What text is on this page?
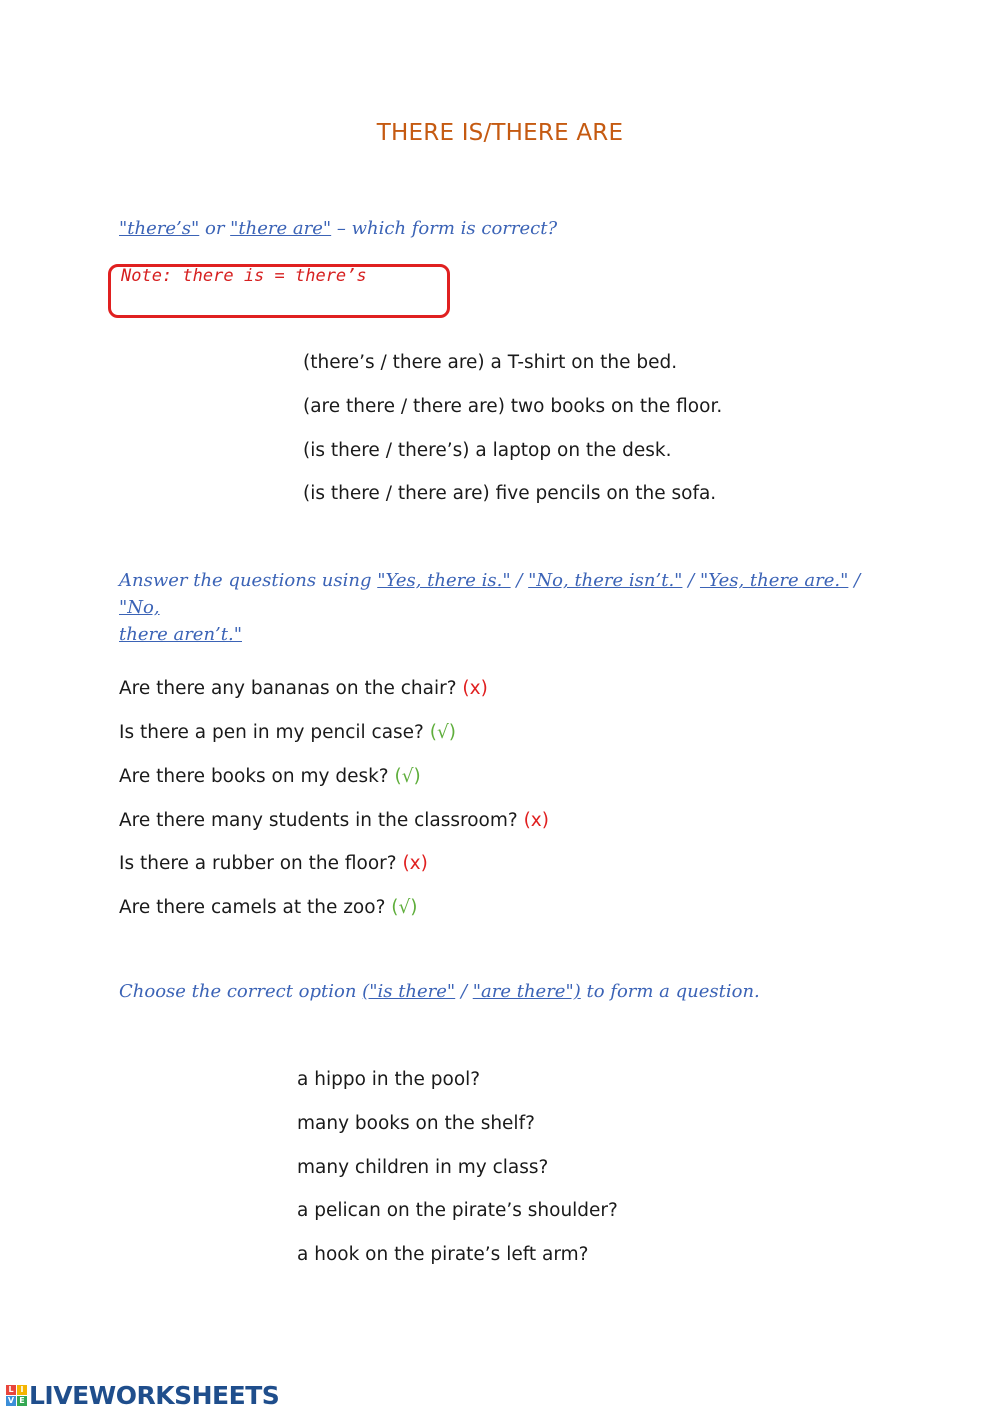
THERE IS/THERE ARE
"there’s" or "there are" – which form is correct?
Note: there is = there’s
(there’s / there are) a T-shirt on the bed.
(are there / there are) two books on the floor.
(is there / there’s) a laptop on the desk.
(is there / there are) five pencils on the sofa.
Answer the questions using "Yes, there is." / "No, there isn’t." / "Yes, there are." / "No,
there aren’t."
Are there any bananas on the chair? (x)
Is there a pen in my pencil case? (√)
Are there books on my desk? (√)
Are there many students in the classroom? (x)
Is there a rubber on the floor? (x)
Are there camels at the zoo? (√)
Choose the correct option ("is there" / "are there") to form a question.
a hippo in the pool?
many books on the shelf?
many children in my class?
a pelican on the pirate’s shoulder?
a hook on the pirate’s left arm?
L I
V E LIVEWORKSHEETS
